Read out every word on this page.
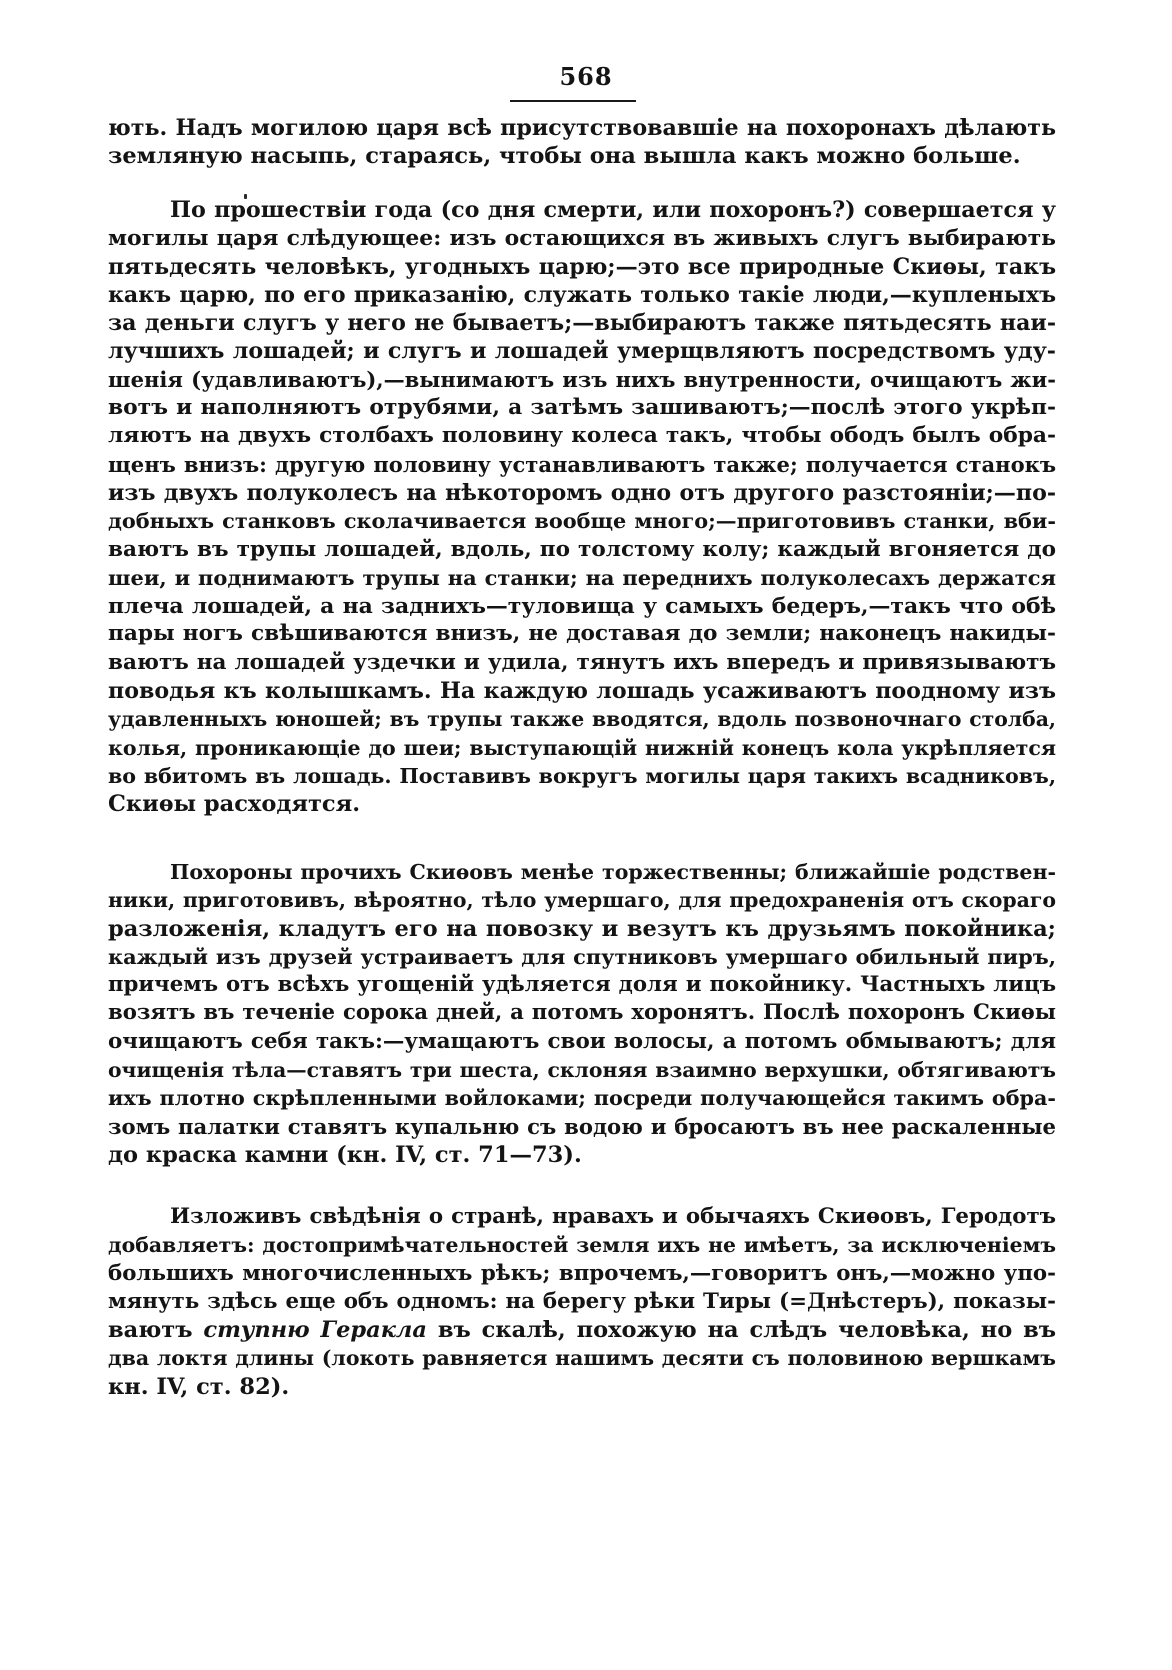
568
ють. Надъ могилою царя всѣ присутствовавшіе на похоронахъ дѣлають
земляную насыпь, стараясь, чтобы она вышла какъ можно больше.
По прошествіи года (со дня смерти, или похоронъ?) совершается у
могилы царя слѣдующее: изъ остающихся въ живыхъ слугъ выбирають
пятьдесять человѣкъ, угодныхъ царю;—это все природные Скиѳы, такъ
какъ царю, по его приказанію, служать только такіе люди,—купленыхъ
за деньги слугъ у него не бываетъ;—выбираютъ также пятьдесять наи-
лучшихъ лошадей; и слугъ и лошадей умерщвляютъ посредствомъ уду-
шенія (удавливаютъ),—вынимаютъ изъ нихъ внутренности, очищаютъ жи-
вотъ и наполняютъ отрубями, а затѣмъ зашиваютъ;—послѣ этого укрѣп-
ляютъ на двухъ столбахъ половину колеса такъ, чтобы ободъ былъ обра-
щенъ внизъ: другую половину устанавливаютъ также; получается станокъ
изъ двухъ полуколесъ на нѣкоторомъ одно отъ другого разстояніи;—по-
добныхъ станковъ сколачивается вообще много;—приготовивъ станки, вби-
ваютъ въ трупы лошадей, вдоль, по толстому колу; каждый вгоняется до
шеи, и поднимаютъ трупы на станки; на переднихъ полуколесахъ держатся
плеча лошадей, а на заднихъ—туловища у самыхъ бедеръ,—такъ что обѣ
пары ногъ свѣшиваются внизъ, не доставая до земли; наконецъ накиды-
ваютъ на лошадей уздечки и удила, тянутъ ихъ впередъ и привязываютъ
поводья къ колышкамъ. На каждую лошадь усаживаютъ поодному изъ
удавленныхъ юношей; въ трупы также вводятся, вдоль позвоночнаго столба,
колья, проникающіе до шеи; выступающій нижній конецъ кола укрѣпляется
во вбитомъ въ лошадь. Поставивъ вокругъ могилы царя такихъ всадниковъ,
Скиѳы расходятся.
Похороны прочихъ Скиѳовъ менѣе торжественны; ближайшіе родствен-
ники, приготовивъ, вѣроятно, тѣло умершаго, для предохраненія отъ скораго
разложенія, кладутъ его на повозку и везутъ къ друзьямъ покойника;
каждый изъ друзей устраиваетъ для спутниковъ умершаго обильный пиръ,
причемъ отъ всѣхъ угощеній удѣляется доля и покойнику. Частныхъ лицъ
возятъ въ теченіе сорока дней, а потомъ хоронятъ. Послѣ похоронъ Скиѳы
очищаютъ себя такъ:—умащаютъ свои волосы, а потомъ обмываютъ; для
очищенія тѣла—ставятъ три шеста, склоняя взаимно верхушки, обтягиваютъ
ихъ плотно скрѣпленными войлоками; посреди получающейся такимъ обра-
зомъ палатки ставятъ купальню съ водою и бросаютъ въ нее раскаленные
до краска камни (кн. IV, ст. 71—73).
Изложивъ свѣдѣнія о странѣ, нравахъ и обычаяхъ Скиѳовъ, Геродотъ
добавляетъ: достопримѣчательностей земля ихъ не имѣетъ, за исключеніемъ
большихъ многочисленныхъ рѣкъ; впрочемъ,—говоритъ онъ,—можно упо-
мянуть здѣсь еще объ одномъ: на берегу рѣки Тиры (=Днѣстеръ), показы-
ваютъ ступню Геракла въ скалѣ, похожую на слѣдъ человѣка, но въ
два локтя длины (локоть равняется нашимъ десяти съ половиною вершкамъ
кн. IV, ст. 82).
